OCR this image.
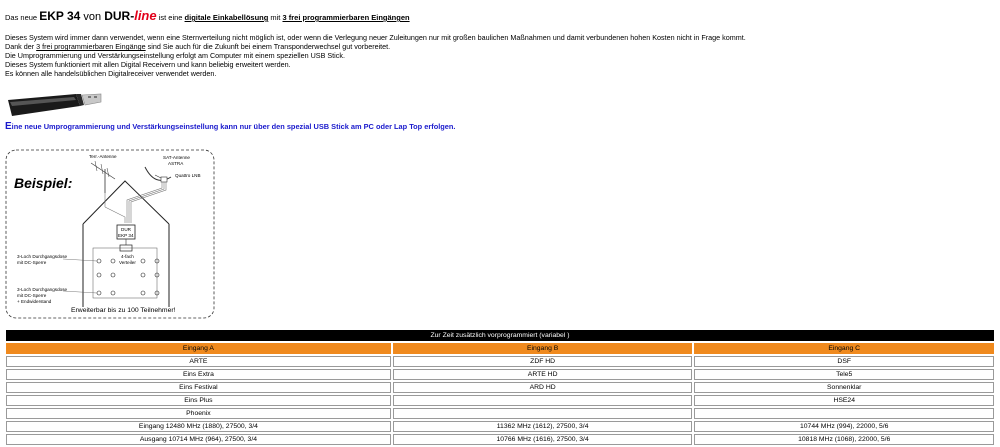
Das neue EKP 34 von DUR-line ist eine digitale Einkabellösung mit 3 frei programmierbaren Eingängen
Dieses System wird immer dann verwendet, wenn eine Sternverteilung nicht möglich ist, oder wenn die Verlegung neuer Zuleitungen nur mit großen baulichen Maßnahmen und damit verbundenen hohen Kosten nicht in Frage kommt.
Dank der 3 frei programmierbaren Eingänge sind Sie auch für die Zukunft bei einem Transponderwechsel gut vorbereitet.
Die Umprogrammierung und Verstärkungseinstellung erfolgt am Computer mit einem speziellen USB Stick.
Dieses System funktioniert mit allen Digital Receivern und kann beliebig erweitert werden.
Es können alle handelsüblichen Digitalreceiver verwendet werden.
Eine neue Umprogrammierung und Verstärkungseinstellung kann nur über den spezial USB Stick am PC oder Lap Top erfolgen.
Beispiel:
Terr.-Antenne	SAT-Antenne
ASTRA
Quattro LNB
DUR
EKP 34
4-fach
Verteiler
3-Loch Durchgangsdose
mit DC-Sperre
3-Loch Durchgangsdose
mit DC-Sperre
+ Endwiderstand
Erweiterbar bis zu 100 Teilnehmer!
Zur Zeit zusätzlich vorprogrammiert (variabel )		
Eingang A	Eingang B	Eingang C
ARTE	ZDF HD	DSF
Eins Extra	ARTE HD	Tele5
Eins Festival	ARD HD	Sonnenklar
Eins Plus		HSE24
Phoenix		
Eingang 12480 MHz (1880), 27500, 3/4	11362 MHz (1612), 27500, 3/4	10744 MHz (994), 22000, 5/6
Ausgang 10714 MHz (964), 27500, 3/4	10766 MHz (1616), 27500, 3/4	10818 MHz (1068), 22000, 5/6
